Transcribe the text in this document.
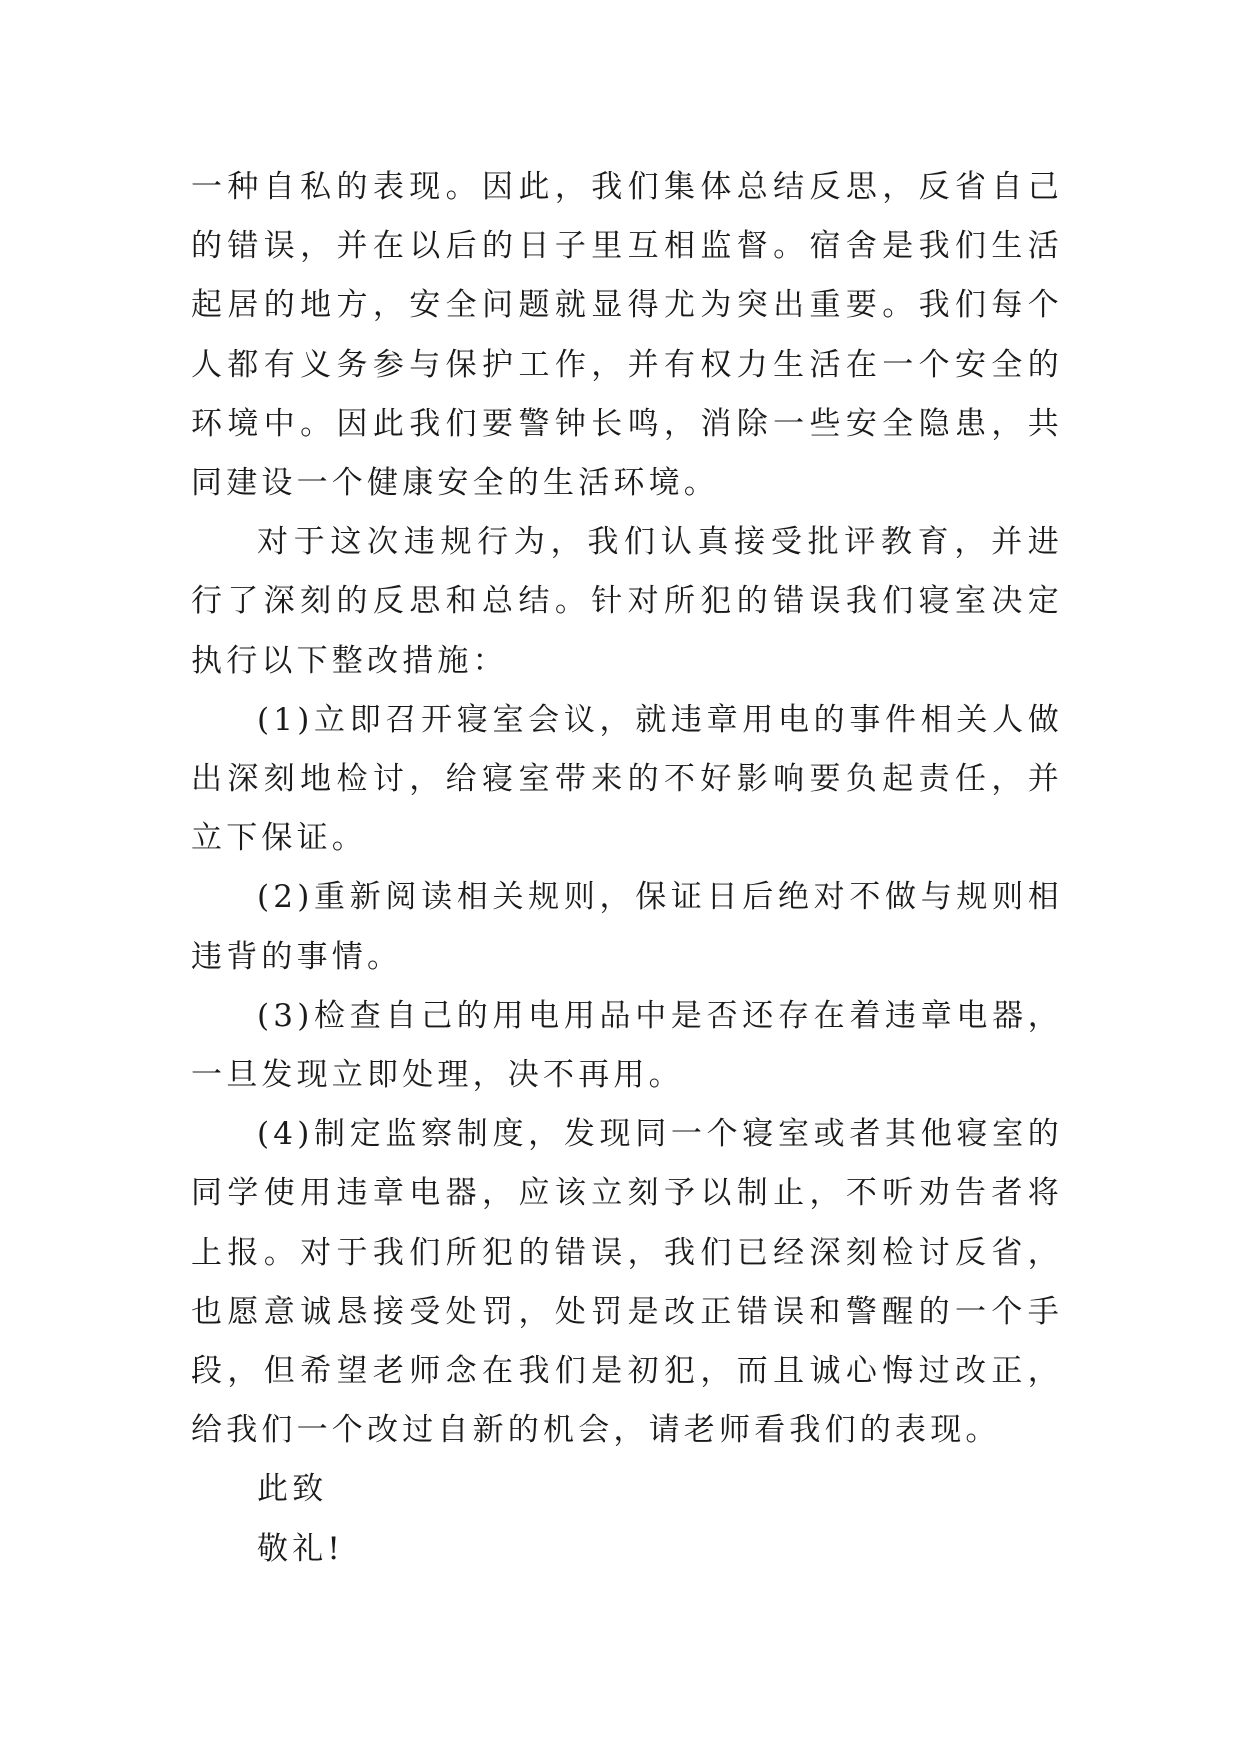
一种自私的表现。因此，我们集体总结反思，反省自己的错误，并在以后的日子里互相监督。宿舍是我们生活起居的地方，安全问题就显得尤为突出重要。我们每个人都有义务参与保护工作，并有权力生活在一个安全的环境中。因此我们要警钟长鸣，消除一些安全隐患，共同建设一个健康安全的生活环境。

对于这次违规行为，我们认真接受批评教育，并进行了深刻的反思和总结。针对所犯的错误我们寝室决定执行以下整改措施：

(1)立即召开寝室会议，就违章用电的事件相关人做出深刻地检讨，给寝室带来的不好影响要负起责任，并立下保证。

(2)重新阅读相关规则，保证日后绝对不做与规则相违背的事情。

(3)检查自己的用电用品中是否还存在着违章电器，一旦发现立即处理，决不再用。

(4)制定监察制度，发现同一个寝室或者其他寝室的同学使用违章电器，应该立刻予以制止，不听劝告者将上报。对于我们所犯的错误，我们已经深刻检讨反省，也愿意诚恳接受处罚，处罚是改正错误和警醒的一个手段，但希望老师念在我们是初犯，而且诚心悔过改正，给我们一个改过自新的机会，请老师看我们的表现。

此致

敬礼!
